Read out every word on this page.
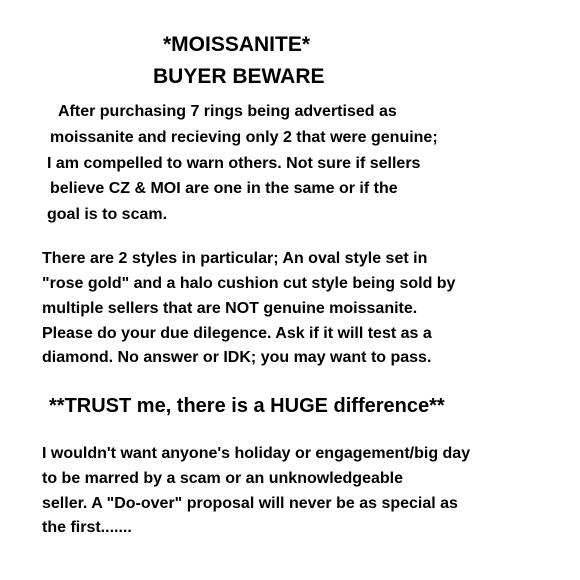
*MOISSANITE*
BUYER BEWARE
After purchasing 7 rings being advertised as
moissanite and recieving only 2 that were genuine;
I am compelled to warn others. Not sure if sellers
believe CZ & MOI are one in the same or if the
goal is to scam.
There are 2 styles in particular; An oval style set in
"rose gold" and a halo cushion cut style being sold by
multiple sellers that are NOT genuine moissanite.
Please do your due dilegence. Ask if it will test as a
diamond. No answer or IDK; you may want to pass.
**TRUST me, there is a HUGE difference**
I wouldn't want anyone's holiday or engagement/big day
to be marred by a scam or an unknowledgeable
seller. A "Do-over" proposal will never be as special as
the first.......
